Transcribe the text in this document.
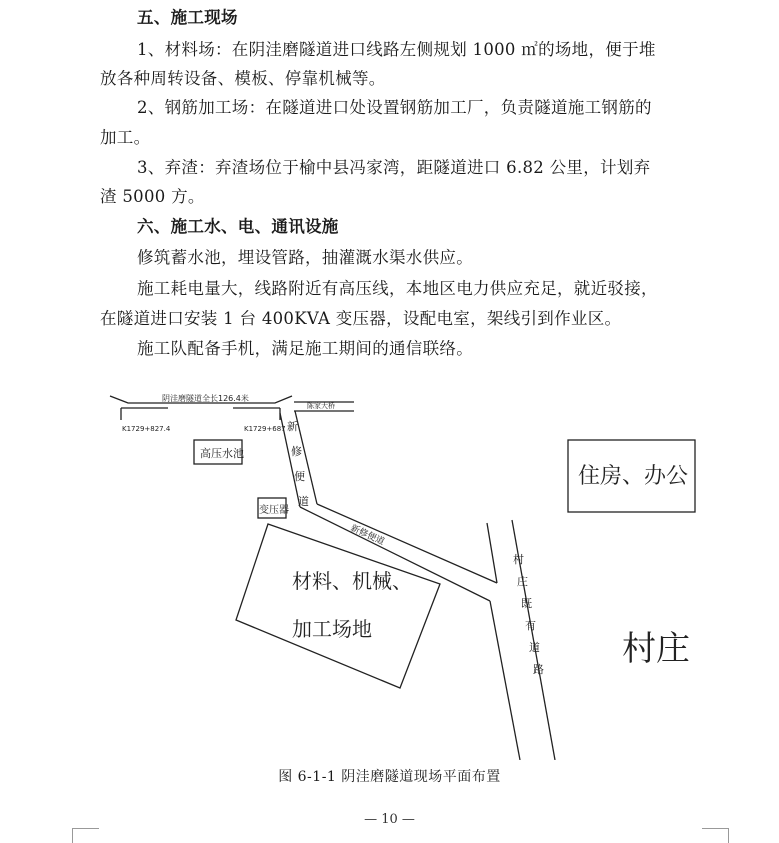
五、施工现场
1、材料场：在阴洼磨隧道进口线路左侧规划 1000 ㎡的场地，便于堆
放各种周转设备、模板、停靠机械等。
2、钢筋加工场：在隧道进口处设置钢筋加工厂，负责隧道施工钢筋的
加工。
3、弃渣：弃渣场位于榆中县冯家湾，距隧道进口 6.82 公里，计划弃
渣 5000 方。
六、施工水、电、通讯设施
修筑蓄水池，埋设管路，抽灌溉水渠水供应。
施工耗电量大，线路附近有高压线，本地区电力供应充足，就近驳接，
在隧道进口安装 1 台 400KVA 变压器，设配电室，架线引到作业区。
施工队配备手机，满足施工期间的通信联络。
阴洼磨隧道全长126.4米
K1729+827.4	K1729+687
陈家大桥
高压水池
变压器
住房、办公
材料、机械、
加工场地	村庄
新
修
便
道
新修便道
村
庄
既
有
道
路
图 6-1-1 阴洼磨隧道现场平面布置
— 10 —
